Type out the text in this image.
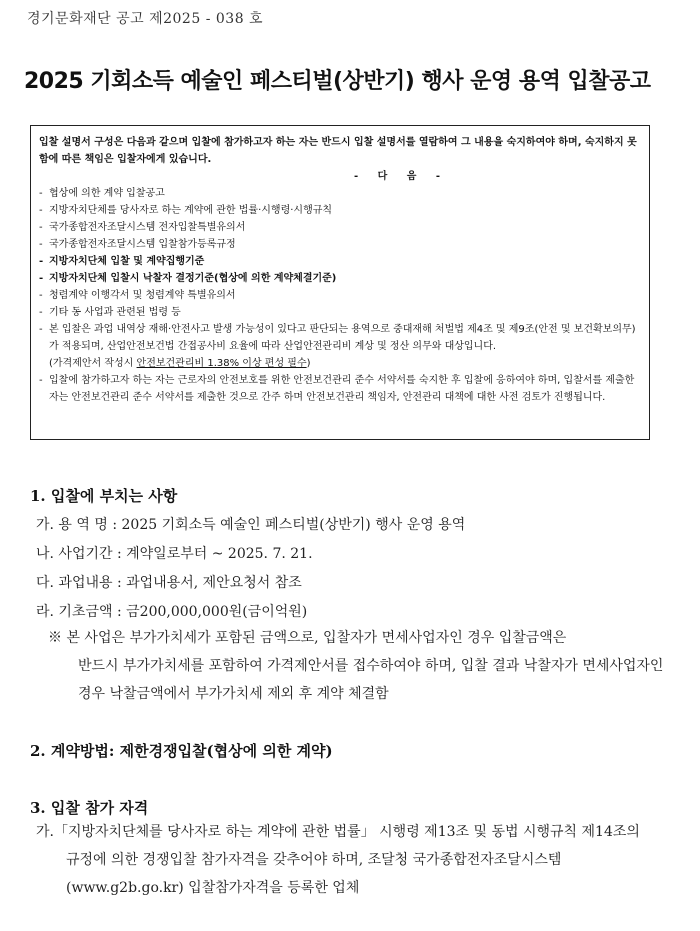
경기문화재단 공고 제2025 - 038 호
2025 기회소득 예술인 페스티벌(상반기) 행사 운영 용역 입찰공고

입찰 설명서 구성은 다음과 같으며 입찰에 참가하고자 하는 자는 반드시 입찰 설명서를 열람하여 그 내용을 숙지하여야 하며, 숙지하지 못함에 따른 책임은 입찰자에게 있습니다.

- 다 음 -

- 협상에 의한 계약 입찰공고
- 지방자치단체를 당사자로 하는 계약에 관한 법률·시행령·시행규칙
- 국가종합전자조달시스템 전자입찰특별유의서
- 국가종합전자조달시스템 입찰참가등록규정
- 지방자치단체 입찰 및 계약집행기준
- 지방자치단체 입찰시 낙찰자 결정기준(협상에 의한 계약체결기준)
- 청렴계약 이행각서 및 청렴계약 특별유의서
- 기타 동 사업과 관련된 법령 등
- 본 입찰은 과업 내역상 재해·안전사고 발생 가능성이 있다고 판단되는 용역으로 중대재해 처벌법 제4조 및 제9조(안전 및 보건확보의무)가 적용되며, 산업안전보건법 간접공사비 요율에 따라 산업안전관리비 계상 및 정산 의무와 대상입니다.
(가격제안서 작성시 안전보건관리비 1.38% 이상 편성 필수)
- 입찰에 참가하고자 하는 자는 근로자의 안전보호를 위한 안전보건관리 준수 서약서를 숙지한 후 입찰에 응하여야 하며, 입찰서를 제출한 자는 안전보건관리 준수 서약서를 제출한 것으로 간주 하며 안전보건관리 책임자, 안전관리 대책에 대한 사전 검토가 진행됩니다.
1. 입찰에 부치는 사항
가. 용 역 명 : 2025 기회소득 예술인 페스티벌(상반기) 행사 운영 용역
나. 사업기간 : 계약일로부터 ~ 2025. 7. 21.
다. 과업내용 : 과업내용서, 제안요청서 참조
라. 기초금액 : 금200,000,000원(금이억원)
※ 본 사업은 부가가치세가 포함된 금액으로, 입찰자가 면세사업자인 경우 입찰금액은
반드시 부가가치세를 포함하여 가격제안서를 접수하여야 하며, 입찰 결과 낙찰자가 면세사업자인 경우 낙찰금액에서 부가가치세 제외 후 계약 체결함
2. 계약방법: 제한경쟁입찰(협상에 의한 계약)
3. 입찰 참가 자격
가.「지방자치단체를 당사자로 하는 계약에 관한 법률」 시행령 제13조 및 동법 시행규칙 제14조의
규정에 의한 경쟁입찰 참가자격을 갖추어야 하며, 조달청 국가종합전자조달시스템 (www.g2b.go.kr) 입찰참가자격을 등록한 업체
